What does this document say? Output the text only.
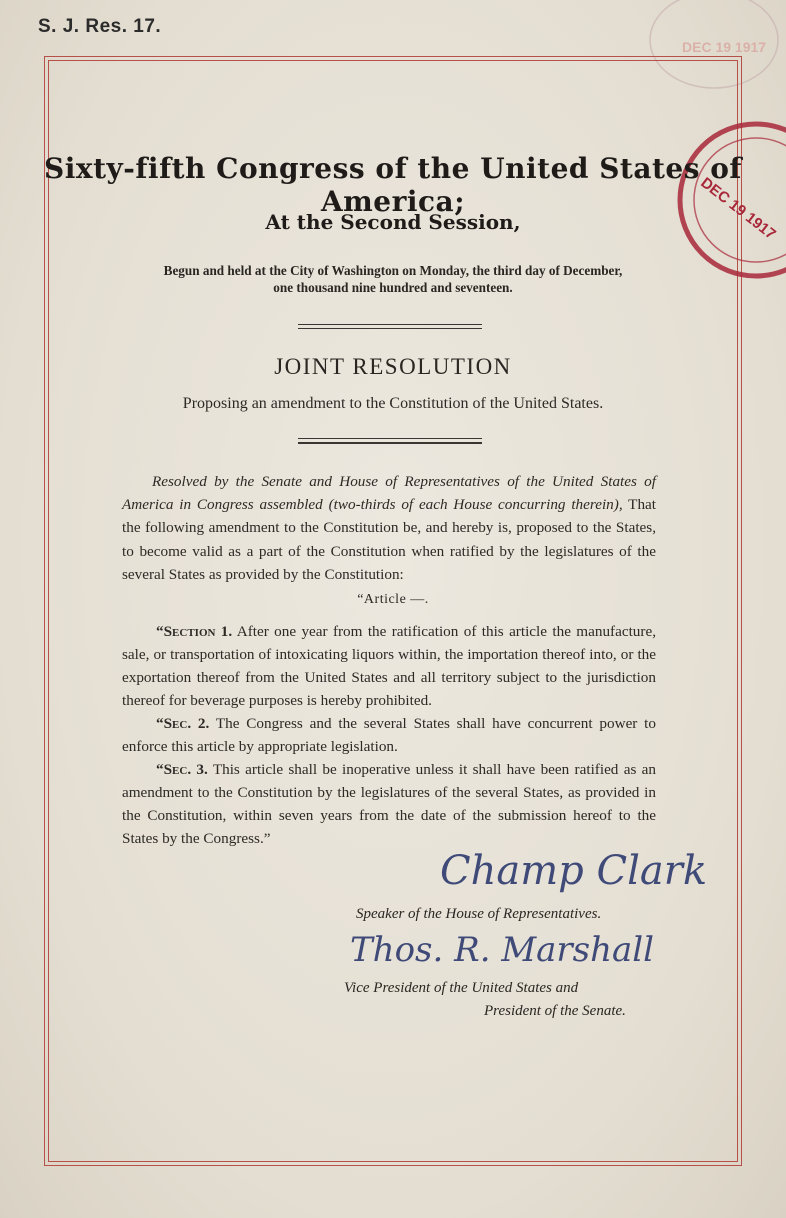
S. J. Res. 17.
DEC 19 1917
DEC 19 1917
Sixty-fifth Congress of the United States of America;
At the Second Session,
Begun and held at the City of Washington on Monday, the third day of December,
one thousand nine hundred and seventeen.
JOINT RESOLUTION
Proposing an amendment to the Constitution of the United States.

Resolved by the Senate and House of Representatives of the United States of America in Congress assembled (two-thirds of each House concurring therein), That the following amendment to the Constitution be, and hereby is, proposed to the States, to become valid as a part of the Constitution when ratified by the legislatures of the several States as provided by the Constitution:

“Article —.

“Section 1. After one year from the ratification of this article the manufacture, sale, or transportation of intoxicating liquors within, the importation thereof into, or the exportation thereof from the United States and all territory subject to the jurisdiction thereof for beverage purposes is hereby prohibited.

“Sec. 2. The Congress and the several States shall have concurrent power to enforce this article by appropriate legislation.

“Sec. 3. This article shall be inoperative unless it shall have been ratified as an amendment to the Constitution by the legislatures of the several States, as provided in the Constitution, within seven years from the date of the submission hereof to the States by the Congress.”

Champ Clark
Speaker of the House of Representatives.
Thos. R. Marshall
Vice President of the United States and
President of the Senate.
